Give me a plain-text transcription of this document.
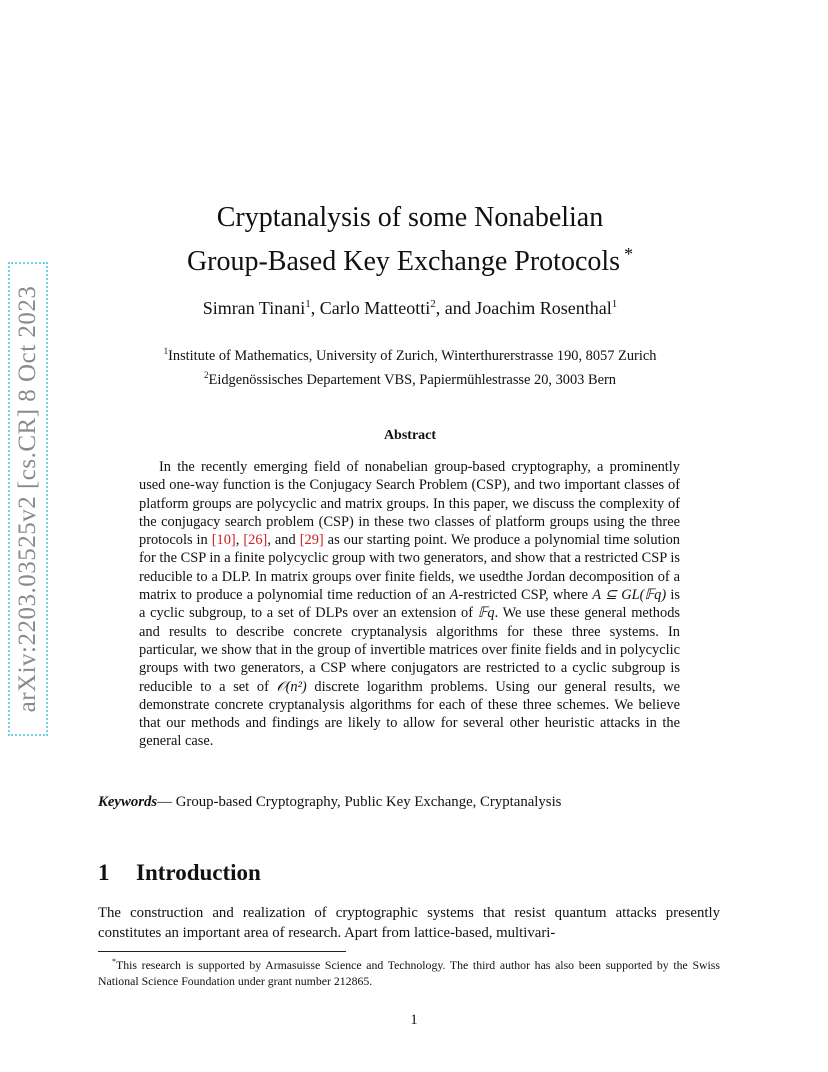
arXiv:2203.03525v2 [cs.CR] 8 Oct 2023
Cryptanalysis of some Nonabelian
Group-Based Key Exchange Protocols *
Simran Tinani$^1$, Carlo Matteotti$^2$, and Joachim Rosenthal$^1$
$^1$Institute of Mathematics, University of Zurich, Winterthurerstrasse 190, 8057 Zurich
$^2$Eidgenössisches Departement VBS, Papiermühlestrasse 20, 3003 Bern
Abstract

In the recently emerging field of nonabelian group-based cryptography, a prominently used one-way function is the Conjugacy Search Problem (CSP), and two important classes of platform groups are polycyclic and matrix groups. In this paper, we discuss the complexity of the conjugacy search problem (CSP) in these two classes of platform groups using the three protocols in [10], [26], and [29] as our starting point. We produce a polynomial time solution for the CSP in a finite polycyclic group with two generators, and show that a restricted CSP is reducible to a DLP. In matrix groups over finite fields, we usedthe Jordan decomposition of a matrix to produce a polynomial time reduction of an A-restricted CSP, where A ⊆ GL(𝔽q) is a cyclic subgroup, to a set of DLPs over an extension of 𝔽q. We use these general methods and results to describe concrete cryptanalysis algorithms for these three systems. In particular, we show that in the group of invertible matrices over finite fields and in polycyclic groups with two generators, a CSP where conjugators are restricted to a cyclic subgroup is reducible to a set of 𝒪(n²) discrete logarithm problems. Using our general results, we demonstrate concrete cryptanalysis algorithms for each of these three schemes. We believe that our methods and findings are likely to allow for several other heuristic attacks in the general case.

Keywords— Group-based Cryptography, Public Key Exchange, Cryptanalysis
1 Introduction

The construction and realization of cryptographic systems that resist quantum attacks presently constitutes an important area of research. Apart from lattice-based, multivari-

*This research is supported by Armasuisse Science and Technology. The third author has also been supported by the Swiss National Science Foundation under grant number 212865.

1
